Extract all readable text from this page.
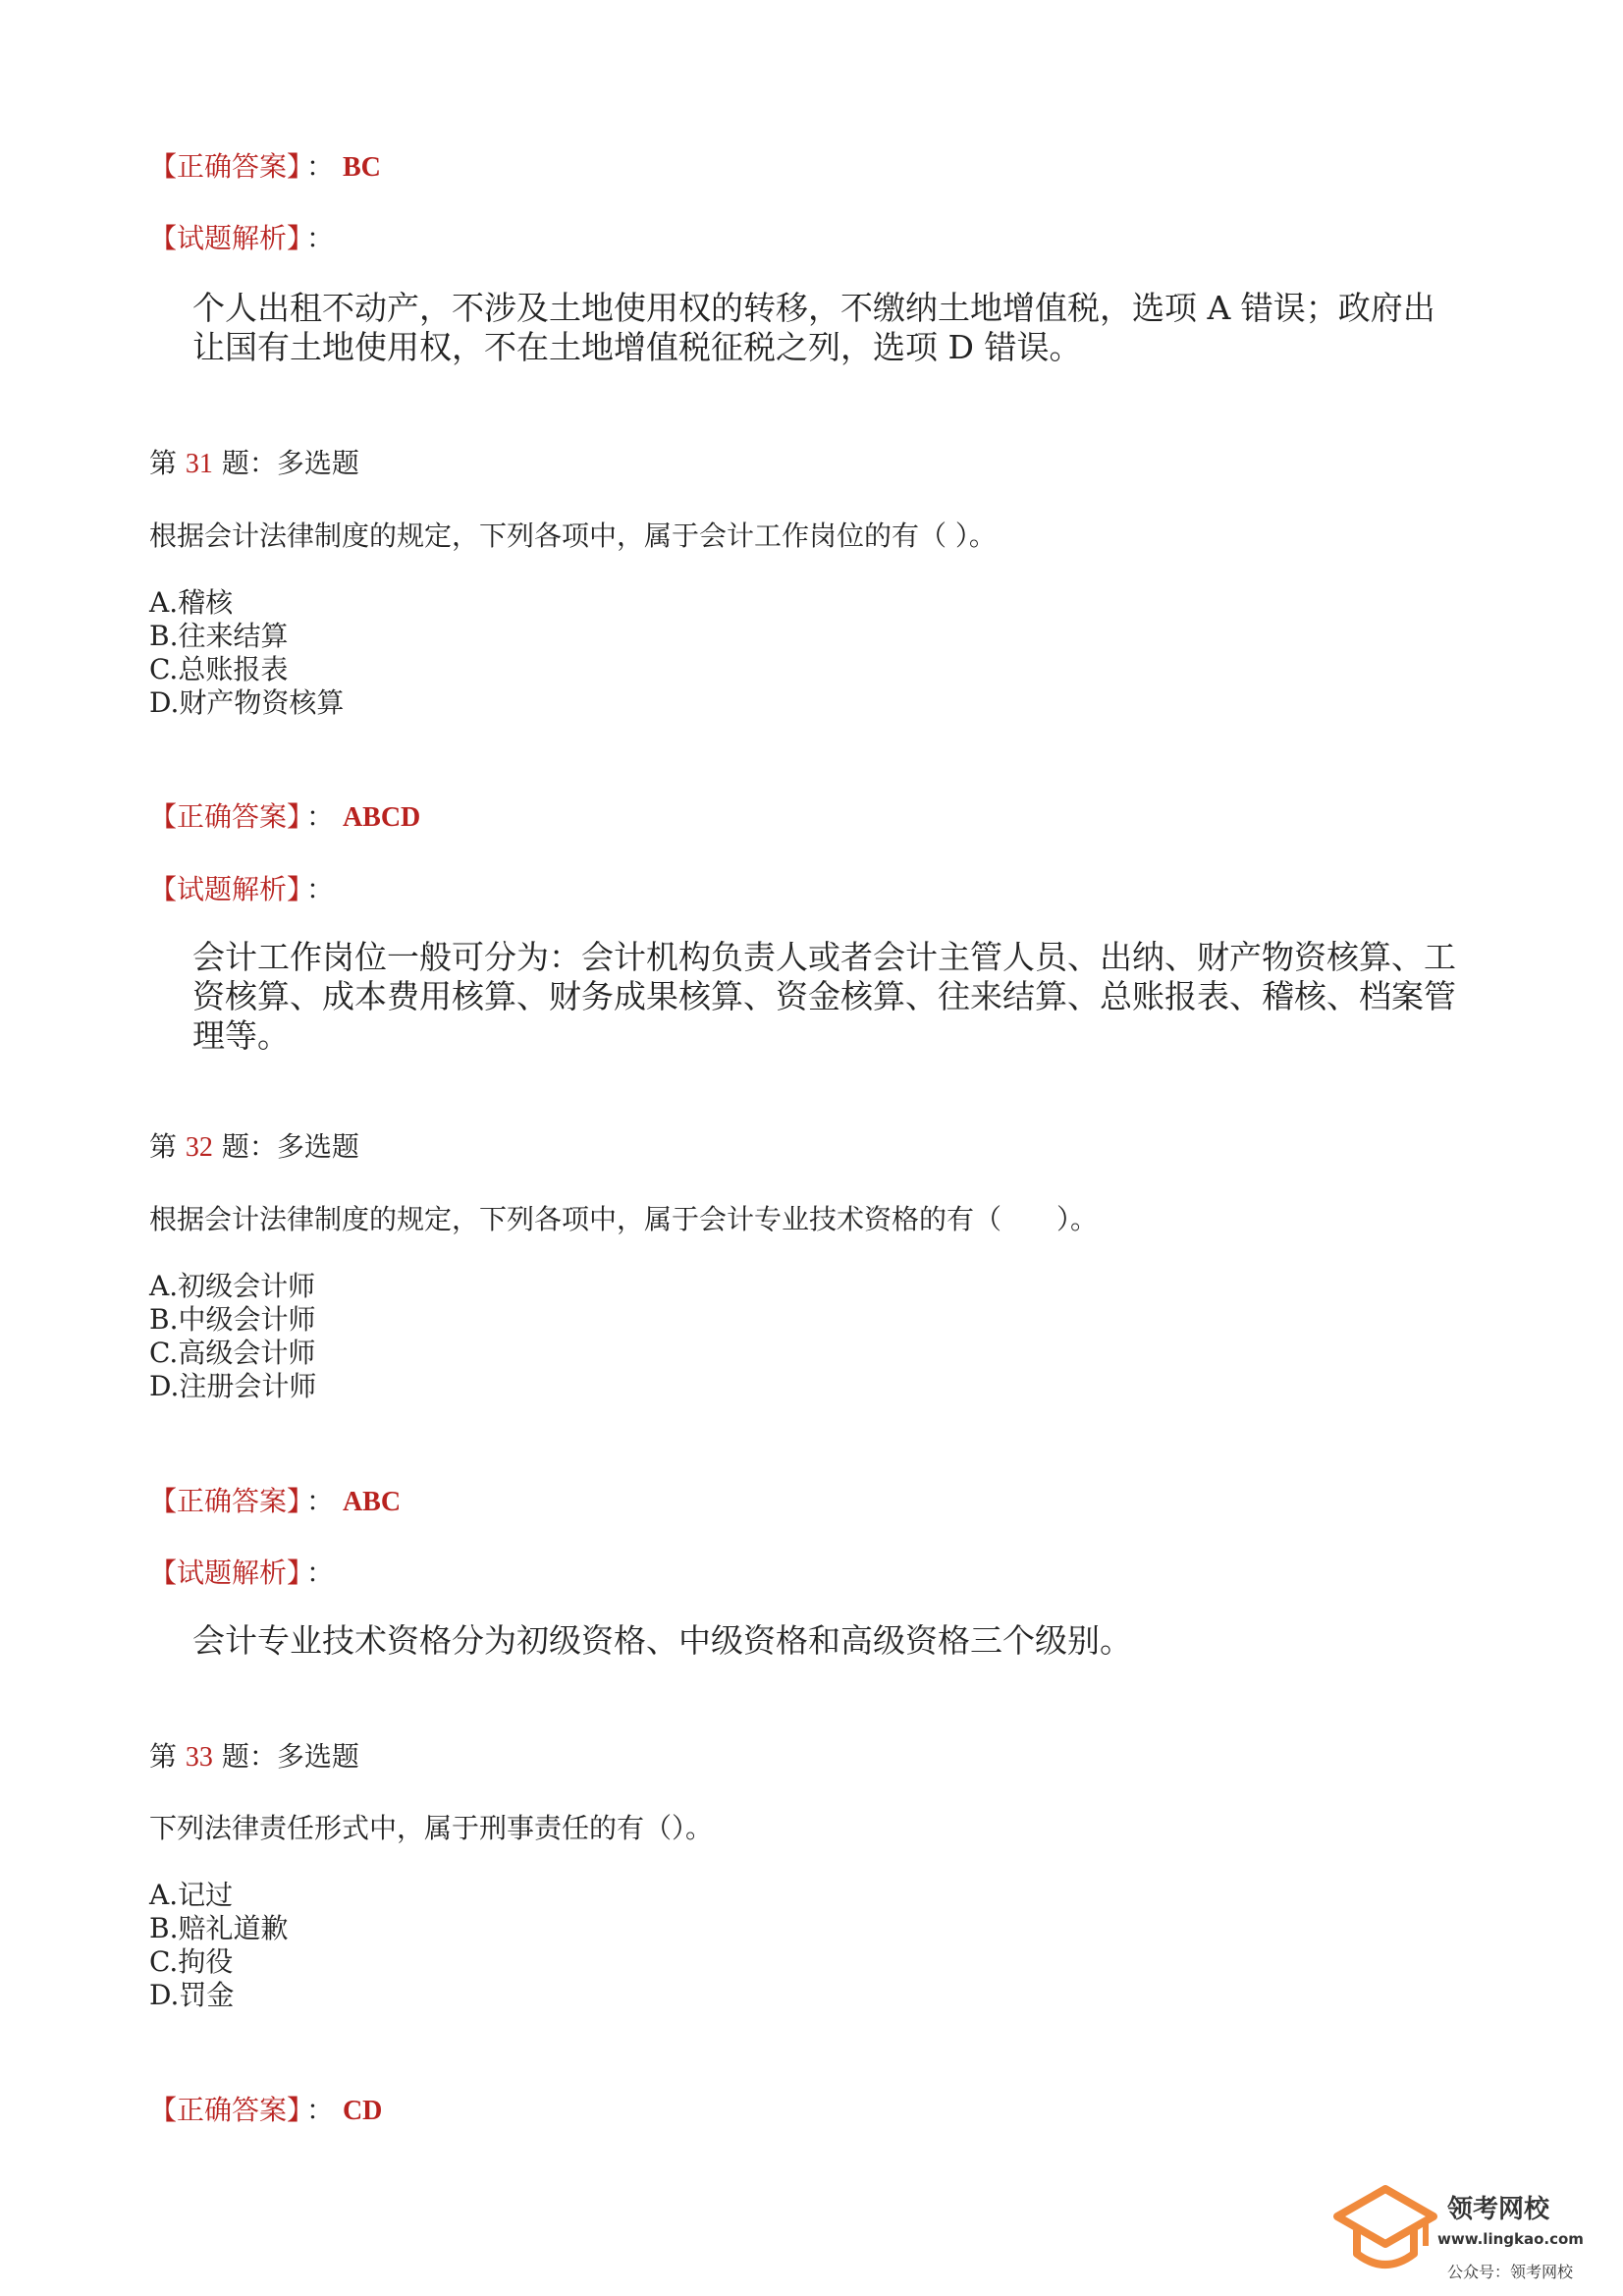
【正确答案】 ： BC
【试题解析】 ：
个人出租不动产，不涉及土地使用权的转移，不缴纳土地增值税，选项 A 错误；政府出
让国有土地使用权，不在土地增值税征税之列，选项 D 错误。
第 31 题：多选题
根据会计法律制度的规定，下列各项中，属于会计工作岗位的有（ ）。
A.稽核
B.往来结算
C.总账报表
D.财产物资核算
【正确答案】 ： ABCD
【试题解析】 ：
会计工作岗位一般可分为：会计机构负责人或者会计主管人员、出纳、财产物资核算、工
资核算、成本费用核算、财务成果核算、资金核算、往来结算、总账报表、稽核、档案管
理等。
第 32 题：多选题
根据会计法律制度的规定，下列各项中，属于会计专业技术资格的有（　　）。
A.初级会计师
B.中级会计师
C.高级会计师
D.注册会计师
【正确答案】 ： ABC
【试题解析】 ：
会计专业技术资格分为初级资格、中级资格和高级资格三个级别。
第 33 题：多选题
下列法律责任形式中，属于刑事责任的有（）。
A.记过
B.赔礼道歉
C.拘役
D.罚金
【正确答案】 ： CD
领考网校
www.lingkao.com
公众号：领考网校
